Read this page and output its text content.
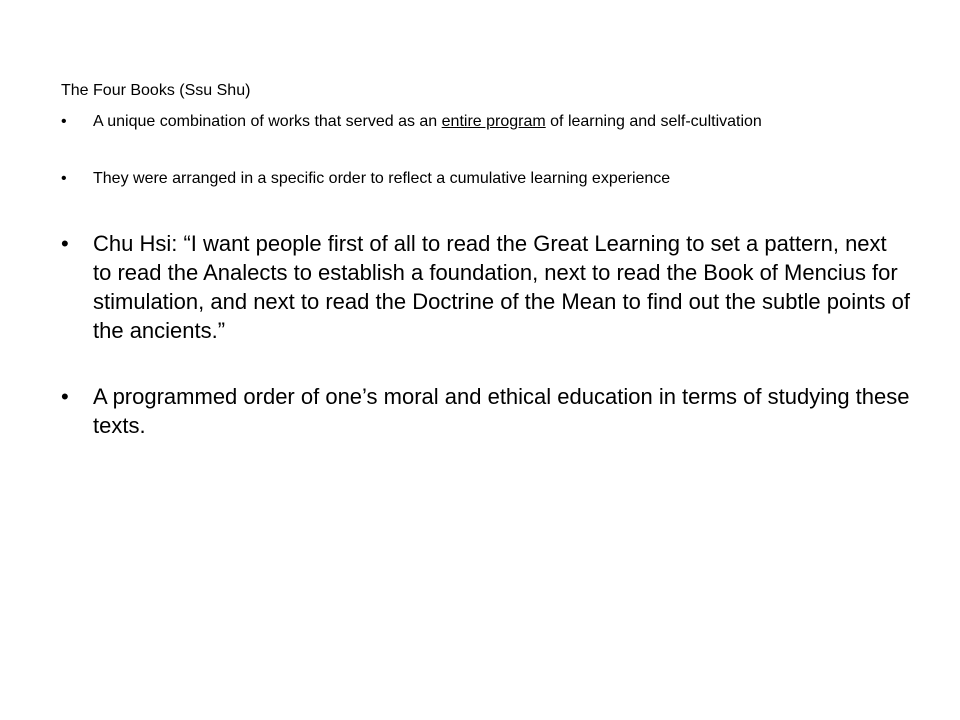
The Four Books (Ssu Shu)

• A unique combination of works that served as an entire program of learning and self-cultivation
• They were arranged in a specific order to reflect a cumulative learning experience
• Chu Hsi: “I want people first of all to read the Great Learning to set a pattern, next to read the Analects to establish a foundation, next to read the Book of Mencius for stimulation, and next to read the Doctrine of the Mean to find out the subtle points of the ancients.”
• A programmed order of one’s moral and ethical education in terms of studying these texts.
